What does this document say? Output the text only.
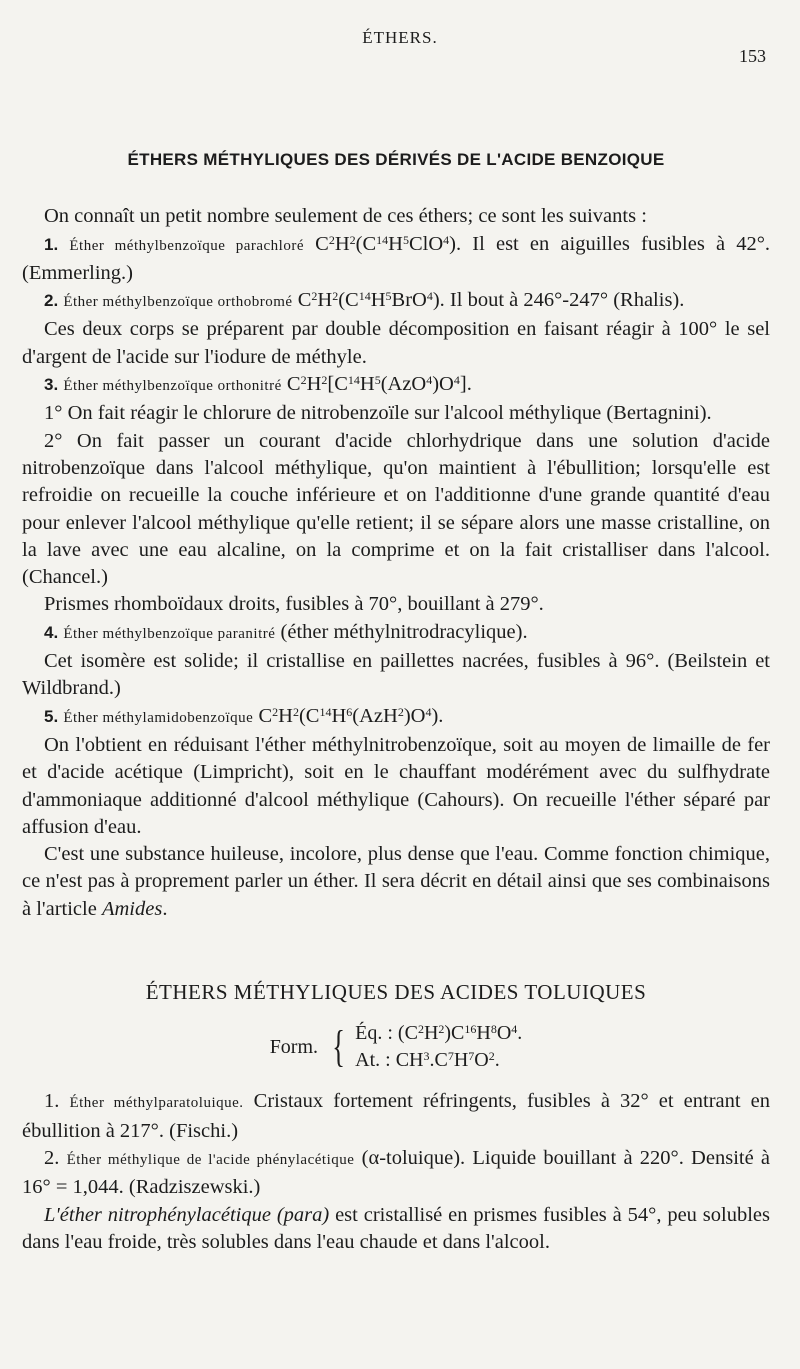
ÉTHERS.
153
ÉTHERS MÉTHYLIQUES DES DÉRIVÉS DE L'ACIDE BENZOIQUE

On connaît un petit nombre seulement de ces éthers; ce sont les suivants :

1. Éther méthylbenzoïque parachloré $C^2H^2(C^{14}H^5ClO^4)$. Il est en aiguilles fusibles à 42°. (Emmerling.)

2. Éther méthylbenzoïque orthobromé $C^2H^2(C^{14}H^5BrO^4)$. Il bout à 246°-247° (Rhalis).

Ces deux corps se préparent par double décomposition en faisant réagir à 100° le sel d'argent de l'acide sur l'iodure de méthyle.

3. Éther méthylbenzoïque orthonitré $C^2H^2[C^{14}H^5(AzO^4)O^4]$.

1° On fait réagir le chlorure de nitrobenzoïle sur l'alcool méthylique (Bertagnini).

2° On fait passer un courant d'acide chlorhydrique dans une solution d'acide nitrobenzoïque dans l'alcool méthylique, qu'on maintient à l'ébullition; lorsqu'elle est refroidie on recueille la couche inférieure et on l'additionne d'une grande quantité d'eau pour enlever l'alcool méthylique qu'elle retient; il se sépare alors une masse cristalline, on la lave avec une eau alcaline, on la comprime et on la fait cristalliser dans l'alcool. (Chancel.)

Prismes rhomboïdaux droits, fusibles à 70°, bouillant à 279°.

4. Éther méthylbenzoïque paranitré (éther méthylnitrodracylique).

Cet isomère est solide; il cristallise en paillettes nacrées, fusibles à 96°. (Beilstein et Wildbrand.)

5. Éther méthylamidobenzoïque $C^2H^2(C^{14}H^6(AzH^2)O^4)$.

On l'obtient en réduisant l'éther méthylnitrobenzoïque, soit au moyen de limaille de fer et d'acide acétique (Limpricht), soit en le chauffant modérément avec du sulfhydrate d'ammoniaque additionné d'alcool méthylique (Cahours). On recueille l'éther séparé par affusion d'eau.

C'est une substance huileuse, incolore, plus dense que l'eau. Comme fonction chimique, ce n'est pas à proprement parler un éther. Il sera décrit en détail ainsi que ses combinaisons à l'article Amides.

ÉTHERS MÉTHYLIQUES DES ACIDES TOLUIQUES
Form. { Éq. : $(C^2H^2)C^{16}H^8O^4$.
At. : $CH^3.C^7H^7O^2$.

1. Éther méthylparatoluique. Cristaux fortement réfringents, fusibles à 32° et entrant en ébullition à 217°. (Fischi.)

2. Éther méthylique de l'acide phénylacétique (α-toluique). Liquide bouillant à 220°. Densité à 16° = 1,044. (Radziszewski.)

L'éther nitrophénylacétique (para) est cristallisé en prismes fusibles à 54°, peu solubles dans l'eau froide, très solubles dans l'eau chaude et dans l'alcool.
